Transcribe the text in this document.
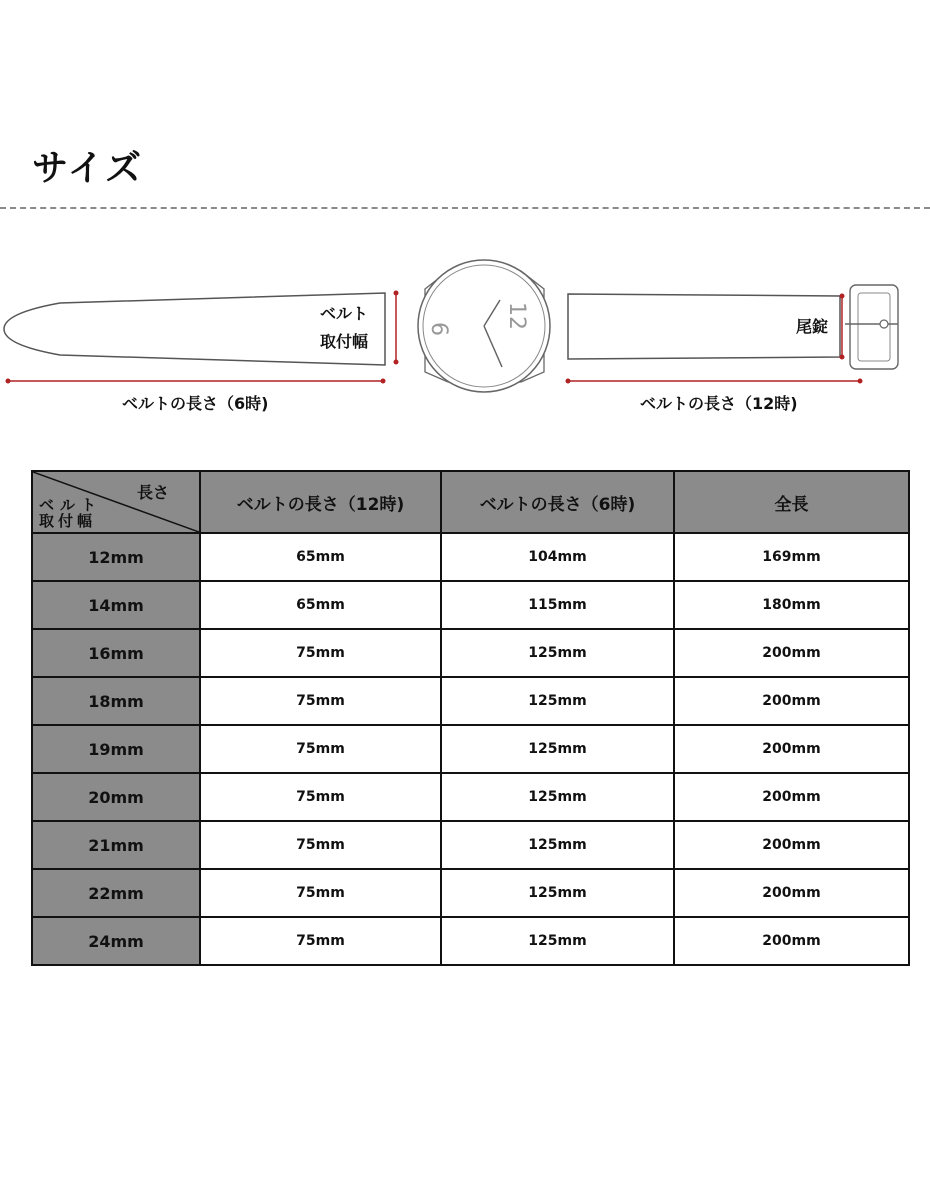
サイズ
12
6
ベルト
取付幅
ベルトの長さ（6時)
尾錠
ベルトの長さ（12時)
長さ
ベルト
取付幅	ベルトの長さ（12時)	ベルトの長さ（6時)	全長
12mm	65mm	104mm	169mm
14mm	65mm	115mm	180mm
16mm	75mm	125mm	200mm
18mm	75mm	125mm	200mm
19mm	75mm	125mm	200mm
20mm	75mm	125mm	200mm
21mm	75mm	125mm	200mm
22mm	75mm	125mm	200mm
24mm	75mm	125mm	200mm
